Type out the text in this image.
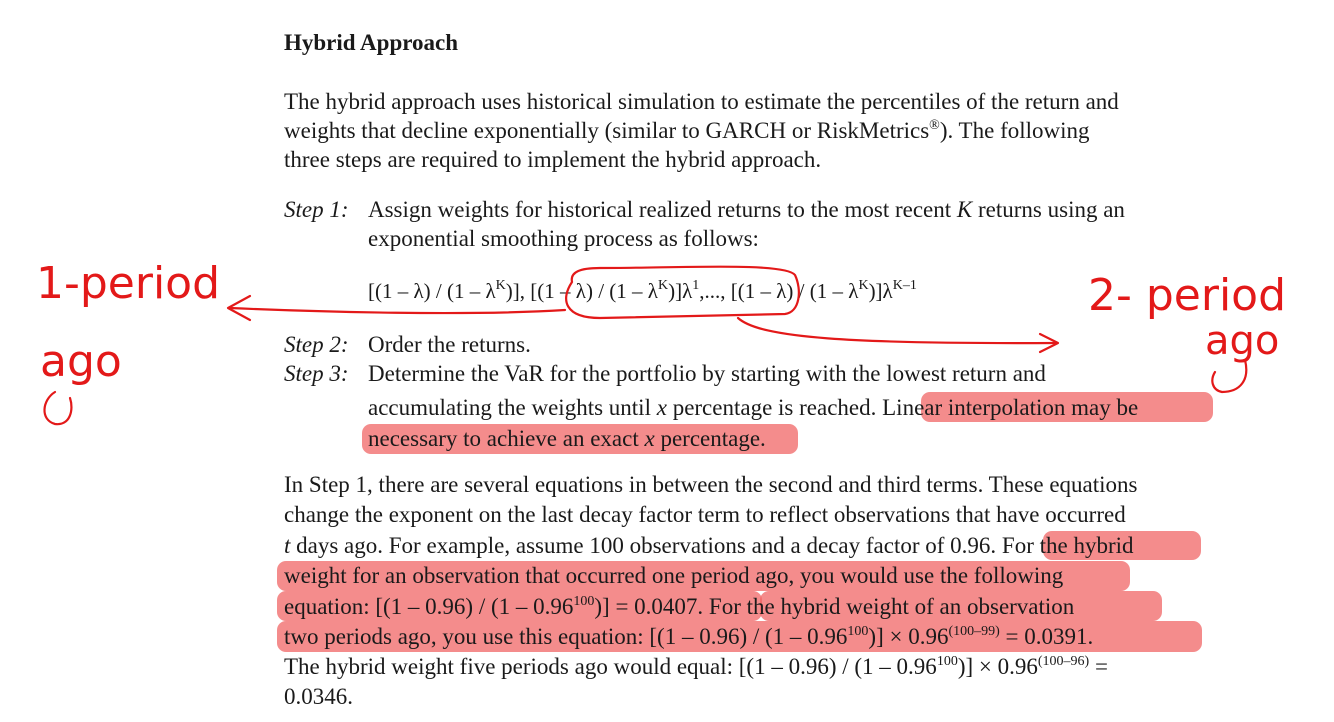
Hybrid Approach
The hybrid approach uses historical simulation to estimate the percentiles of the return and
weights that decline exponentially (similar to GARCH or RiskMetrics®). The following
three steps are required to implement the hybrid approach.
Step 1: Assign weights for historical realized returns to the most recent K returns using an
exponential smoothing process as follows:
$[(1 - \lambda) / (1 - \lambda^K)]$, $[(1 - \lambda) / (1 - \lambda^K)]\lambda^1$,..., $[(1 - \lambda) / (1 - \lambda^K)]\lambda^{K-1}$
Step 2: Order the returns.
Step 3: Determine the VaR for the portfolio by starting with the lowest return and
accumulating the weights until x percentage is reached. Linear interpolation may be
necessary to achieve an exact x percentage.
In Step 1, there are several equations in between the second and third terms. These equations
change the exponent on the last decay factor term to reflect observations that have occurred
t days ago. For example, assume 100 observations and a decay factor of 0.96. For the hybrid
weight for an observation that occurred one period ago, you would use the following
equation: $[(1 - 0.96) / (1 - 0.96^{100})] = 0.0407$. For the hybrid weight of an observation
two periods ago, you use this equation: $[(1 - 0.96) / (1 - 0.96^{100})] \times 0.96^{(100-99)} = 0.0391$.
The hybrid weight five periods ago would equal: $[(1 - 0.96) / (1 - 0.96^{100})] \times 0.96^{(100-96)}$ =
0.0346.
1-period
ago
2- period
ago
